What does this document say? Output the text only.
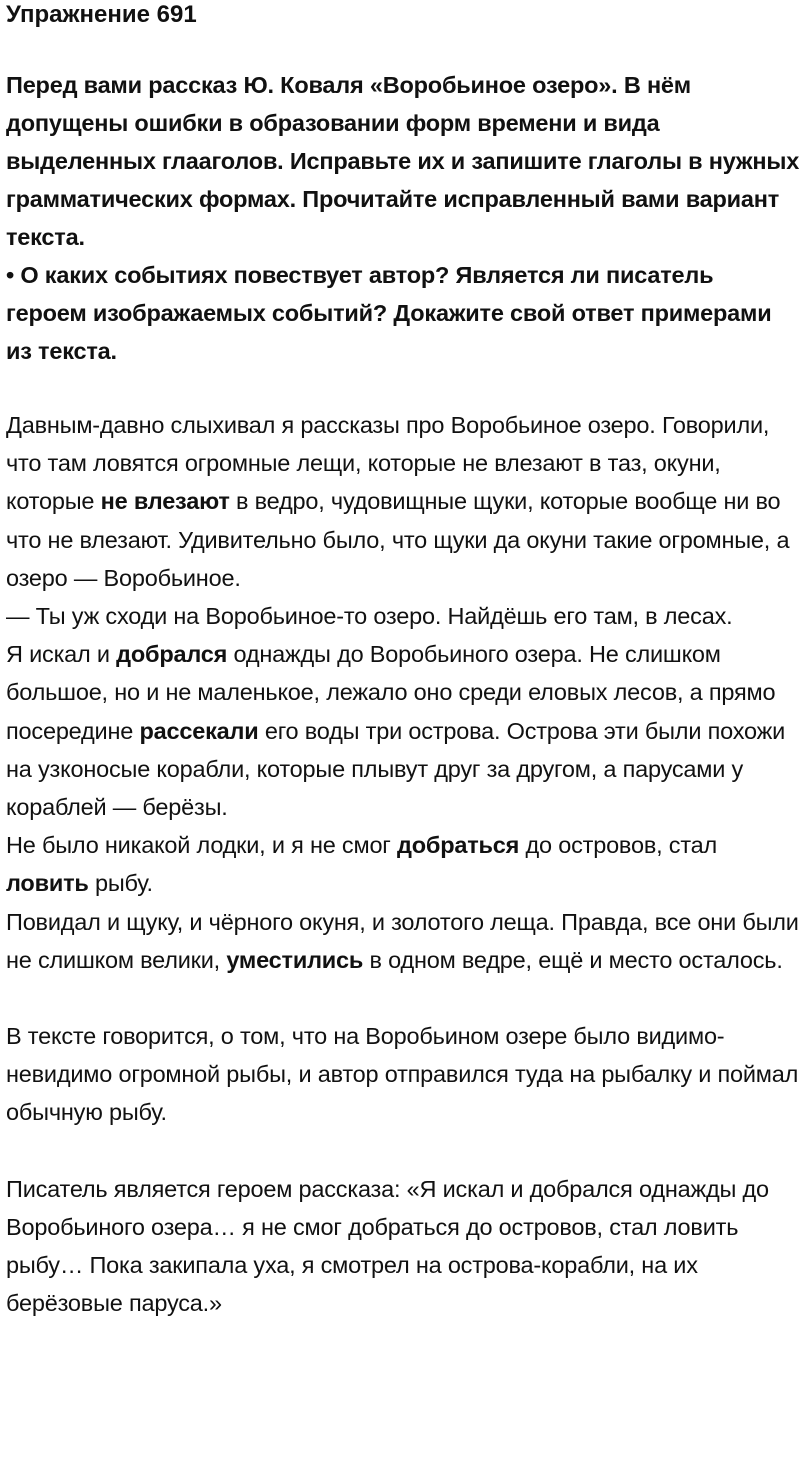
Упражнение 691

Перед вами рассказ Ю. Коваля «Воробьиное озеро». В нём допущены ошибки в образовании форм времени и вида выделенных глааголов. Исправьте их и запишите глаголы в нужных грамматических формах. Прочитайте исправленный вами вариант текста.

• О каких событиях повествует автор? Является ли писатель героем изображаемых событий? Докажите свой ответ примерами из текста.

Давным-давно слыхивал я рассказы про Воробьиное озеро. Говорили, что там ловятся огромные лещи, которые не влезают в таз, окуни, которые не влезают в ведро, чудовищные щуки, которые вообще ни во что не влезают. Удивительно было, что щуки да окуни такие огромные, а озеро — Воробьиное.

— Ты уж сходи на Воробьиное-то озеро. Найдёшь его там, в лесах.

Я искал и добрался однажды до Воробьиного озера. Не слишком большое, но и не маленькое, лежало оно среди еловых лесов, а прямо посередине рассекали его воды три острова. Острова эти были похожи на узконосые корабли, которые плывут друг за другом, а парусами у кораблей — берёзы.

Не было никакой лодки, и я не смог добраться до островов, стал ловить рыбу.

Повидал и щуку, и чёрного окуня, и золотого леща. Правда, все они были не слишком велики, уместились в одном ведре, ещё и место осталось.

В тексте говорится, о том, что на Воробьином озере было видимо-невидимо огромной рыбы, и автор отправился туда на рыбалку и поймал обычную рыбу.

Писатель является героем рассказа: «Я искал и добрался однажды до Воробьиного озера… я не смог добраться до островов, стал ловить рыбу… Пока закипала уха, я смотрел на острова-корабли, на их берёзовые паруса.»
